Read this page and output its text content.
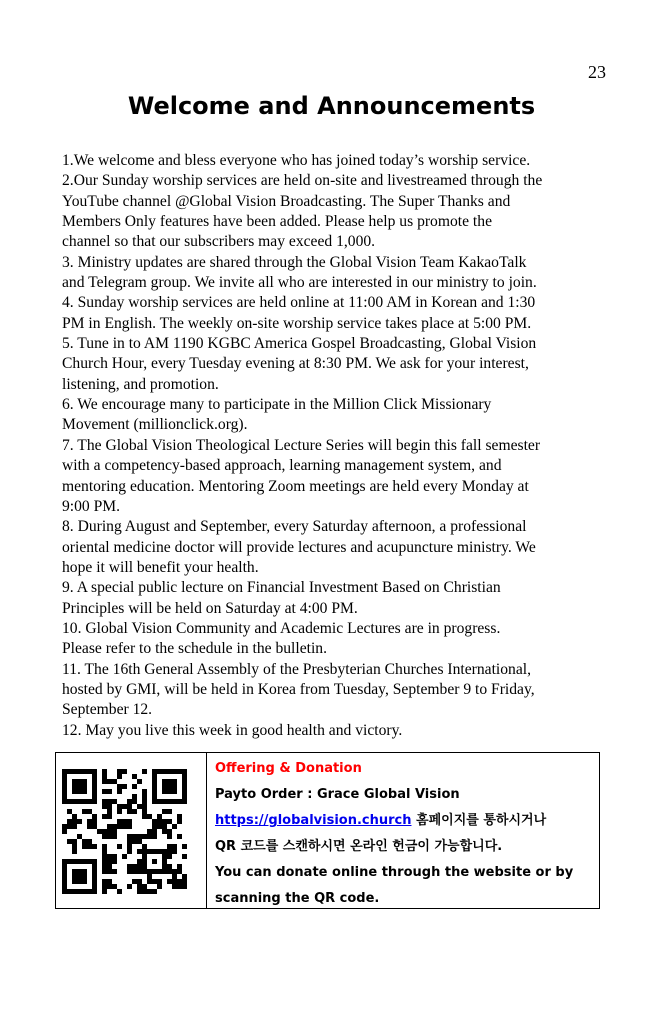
23
Welcome and Announcements
1.We welcome and bless everyone who has joined today’s worship service.
2.Our Sunday worship services are held on-site and livestreamed through the
YouTube channel @Global Vision Broadcasting. The Super Thanks and
Members Only features have been added. Please help us promote the
channel so that our subscribers may exceed 1,000.
3. Ministry updates are shared through the Global Vision Team KakaoTalk
and Telegram group. We invite all who are interested in our ministry to join.
4. Sunday worship services are held online at 11:00 AM in Korean and 1:30
PM in English. The weekly on-site worship service takes place at 5:00 PM.
5. Tune in to AM 1190 KGBC America Gospel Broadcasting, Global Vision
Church Hour, every Tuesday evening at 8:30 PM. We ask for your interest,
listening, and promotion.
6. We encourage many to participate in the Million Click Missionary
Movement (millionclick.org).
7. The Global Vision Theological Lecture Series will begin this fall semester
with a competency-based approach, learning management system, and
mentoring education. Mentoring Zoom meetings are held every Monday at
9:00 PM.
8. During August and September, every Saturday afternoon, a professional
oriental medicine doctor will provide lectures and acupuncture ministry. We
hope it will benefit your health.
9. A special public lecture on Financial Investment Based on Christian
Principles will be held on Saturday at 4:00 PM.
10. Global Vision Community and Academic Lectures are in progress.
Please refer to the schedule in the bulletin.
11. The 16th General Assembly of the Presbyterian Churches International,
hosted by GMI, will be held in Korea from Tuesday, September 9 to Friday,
September 12.
12. May you live this week in good health and victory.
Offering & Donation
Payto Order : Grace Global Vision
https://globalvision.church 홈페이지를 통하시거나
QR 코드를 스캔하시면 온라인 헌금이 가능합니다.
You can donate online through the website or by
scanning the QR code.
